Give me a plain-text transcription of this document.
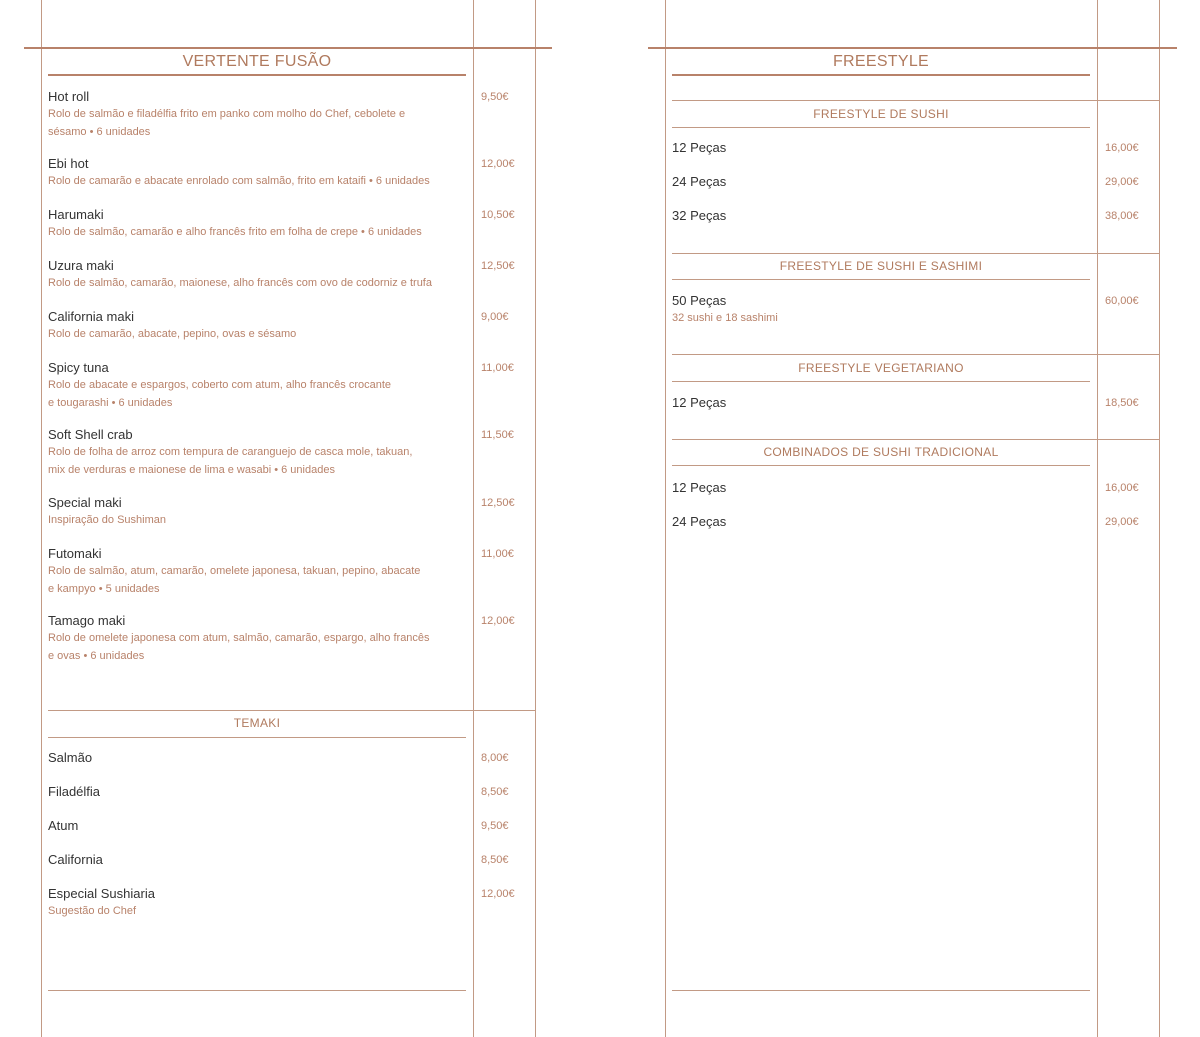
VERTENTE FUSÃO
TEMAKI
FREESTYLE
Hot roll
Rolo de salmão e filadélfia frito em panko com molho do Chef, cebolete e
sésamo • 6 unidades
9,50€
Ebi hot
Rolo de camarão e abacate enrolado com salmão, frito em kataifi • 6 unidades
12,00€
Harumaki
Rolo de salmão, camarão e alho francês frito em folha de crepe • 6 unidades
10,50€
Uzura maki
Rolo de salmão, camarão, maionese, alho francês com ovo de codorniz e trufa
12,50€
California maki
Rolo de camarão, abacate, pepino, ovas e sésamo
9,00€
Spicy tuna
Rolo de abacate e espargos, coberto com atum, alho francês crocante
e tougarashi • 6 unidades
11,00€
Soft Shell crab
Rolo de folha de arroz com tempura de caranguejo de casca mole, takuan,
mix de verduras e maionese de lima e wasabi • 6 unidades
11,50€
Special maki
Inspiração do Sushiman
12,50€
Futomaki
Rolo de salmão, atum, camarão, omelete japonesa, takuan, pepino, abacate
e kampyo • 5 unidades
11,00€
Tamago maki
Rolo de omelete japonesa com atum, salmão, camarão, espargo, alho francês
e ovas • 6 unidades
12,00€
Salmão	8,00€
Filadélfia	8,50€
Atum	9,50€
California	8,50€
Especial Sushiaria
Sugestão do Chef
12,00€
FREESTYLE DE SUSHI
12 Peças	16,00€
24 Peças	29,00€
32 Peças	38,00€
FREESTYLE DE SUSHI E SASHIMI
50 Peças
32 sushi e 18 sashimi
60,00€
FREESTYLE VEGETARIANO
12 Peças	18,50€
COMBINADOS DE SUSHI TRADICIONAL
12 Peças	16,00€
24 Peças	29,00€
